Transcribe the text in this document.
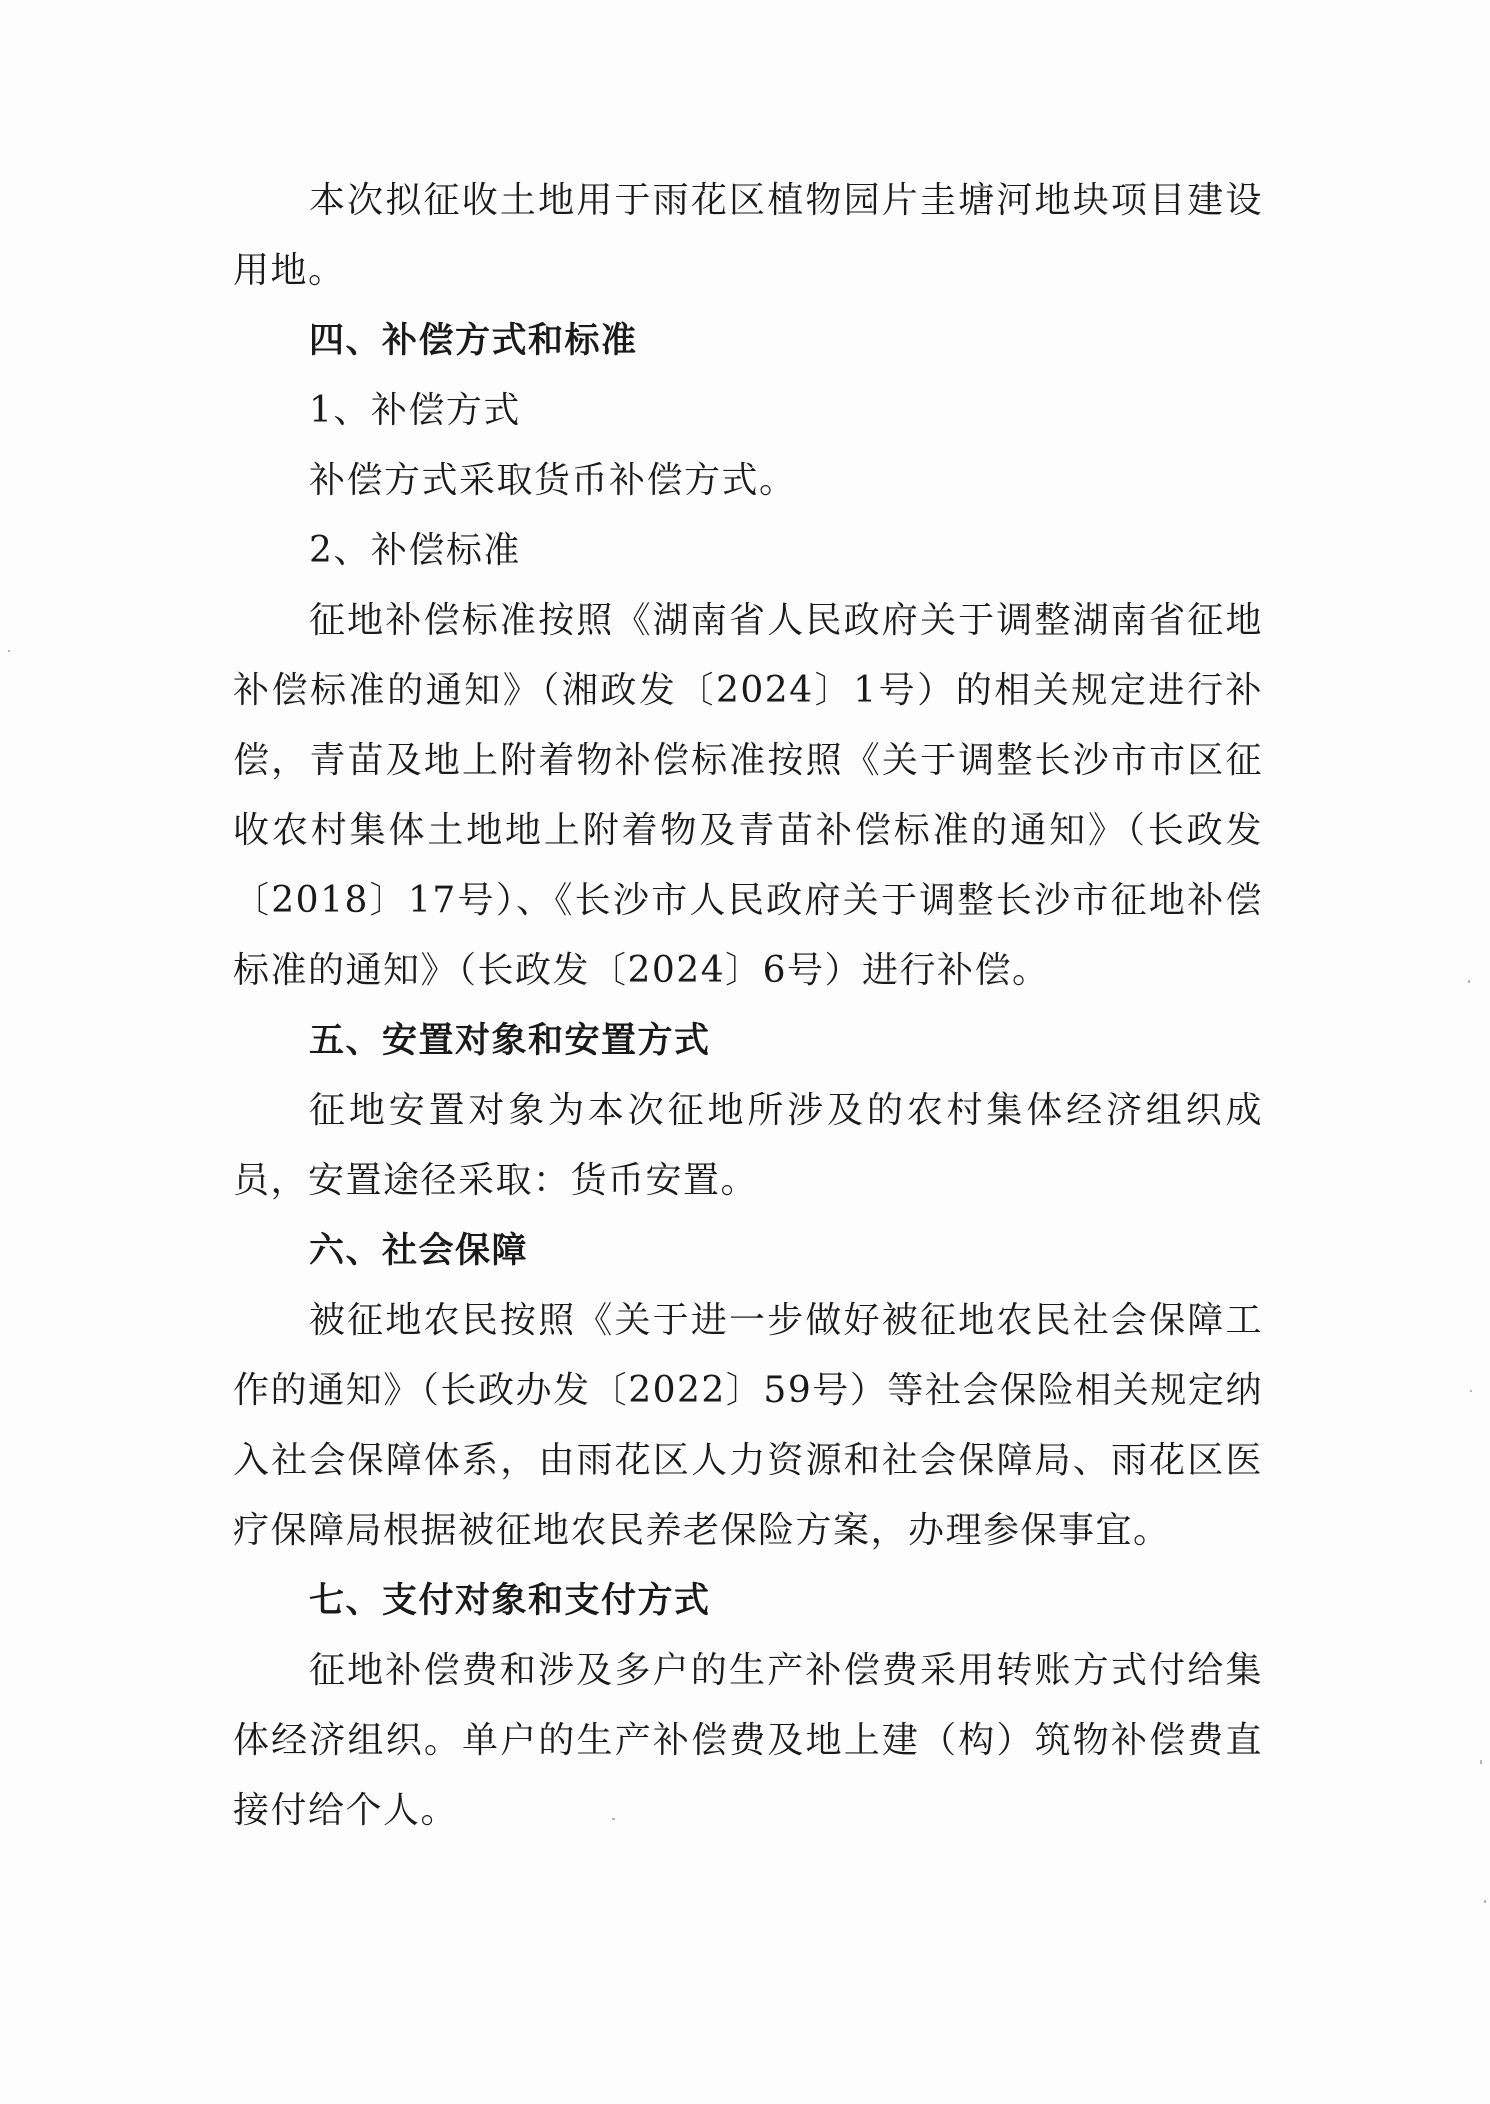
本次拟征收土地用于雨花区植物园片圭塘河地块项目建设用地。

四、补偿方式和标准

1、补偿方式

补偿方式采取货币补偿方式。

2、补偿标准

征地补偿标准按照《湖南省人民政府关于调整湖南省征地补偿标准的通知》（湘政发〔2024〕1号）的相关规定进行补偿，青苗及地上附着物补偿标准按照《关于调整长沙市市区征收农村集体土地地上附着物及青苗补偿标准的通知》（长政发〔2018〕17号）、《长沙市人民政府关于调整长沙市征地补偿标准的通知》（长政发〔2024〕6号）进行补偿。

五、安置对象和安置方式

征地安置对象为本次征地所涉及的农村集体经济组织成员，安置途径采取：货币安置。

六、社会保障

被征地农民按照《关于进一步做好被征地农民社会保障工作的通知》（长政办发〔2022〕59号）等社会保险相关规定纳入社会保障体系，由雨花区人力资源和社会保障局、雨花区医疗保障局根据被征地农民养老保险方案，办理参保事宜。

七、支付对象和支付方式

征地补偿费和涉及多户的生产补偿费采用转账方式付给集体经济组织。单户的生产补偿费及地上建（构）筑物补偿费直接付给个人。
